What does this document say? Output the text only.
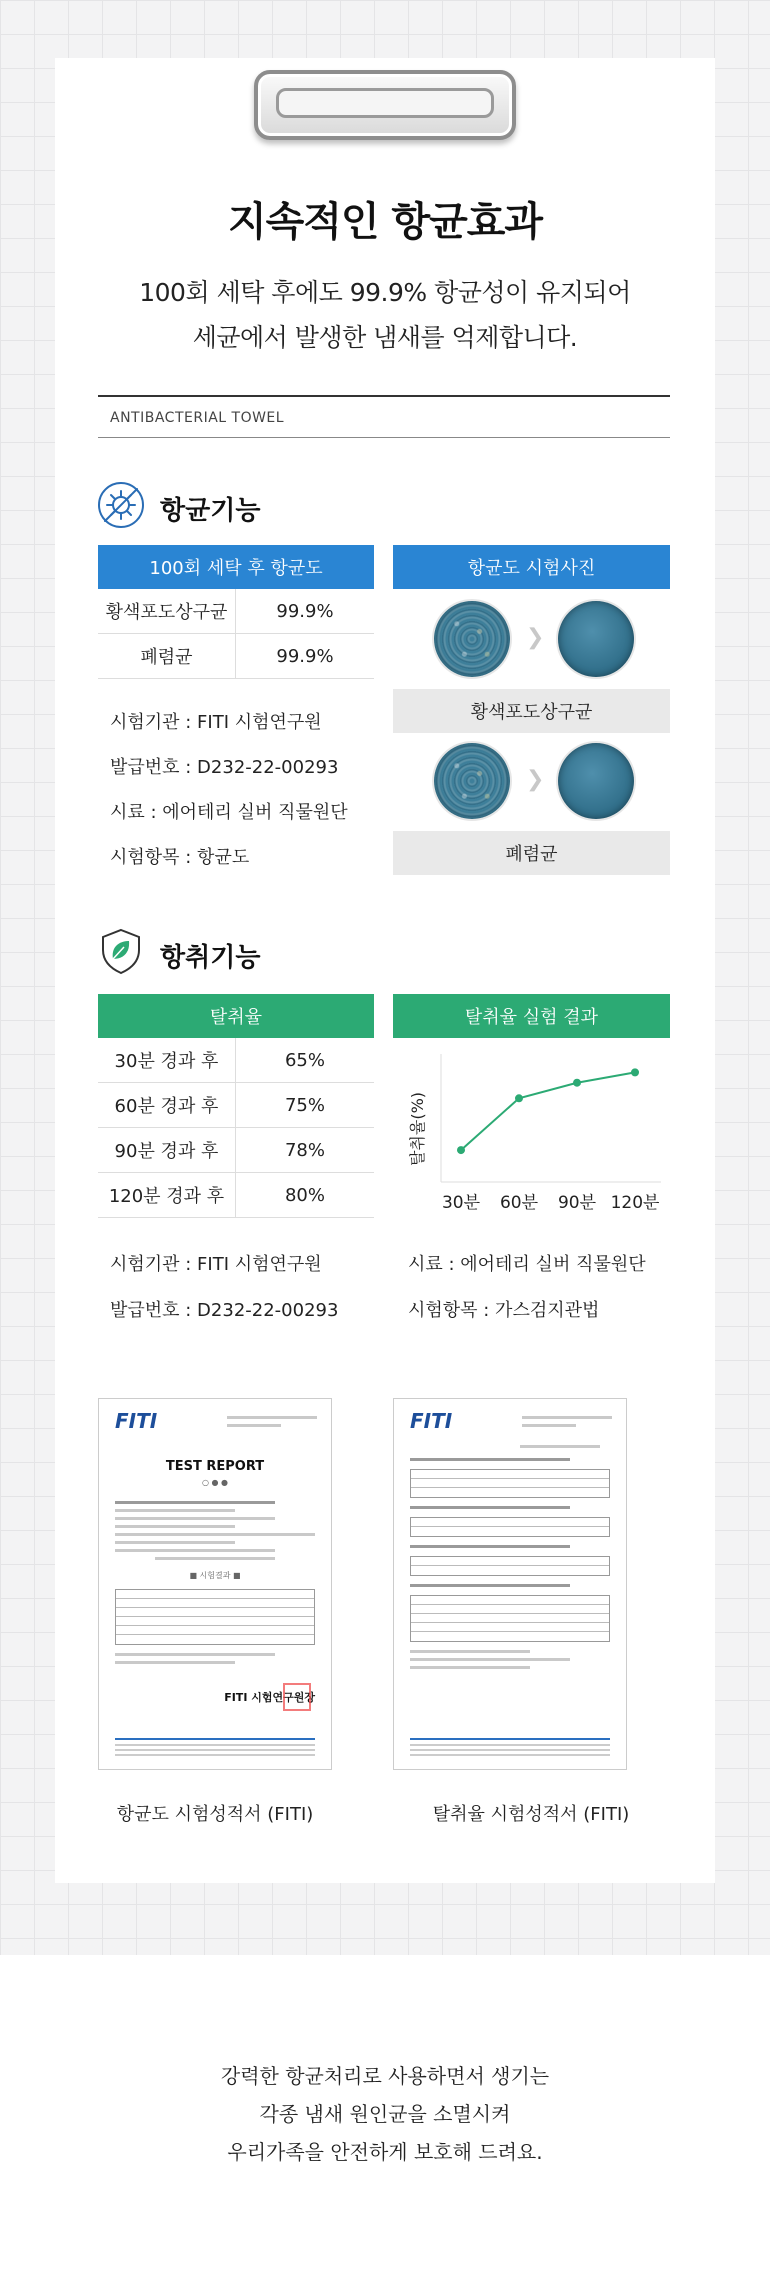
지속적인 항균효과
100회 세탁 후에도 99.9% 항균성이 유지되어
세균에서 발생한 냄새를 억제합니다.
ANTIBACTERIAL TOWEL
항균기능
100회 세탁 후 항균도
황색포도상구균	99.9%
폐렴균	99.9%
시험기관 : FITI 시험연구원
발급번호 : D232-22-00293
시료 : 에어테리 실버 직물원단
시험항목 : 항균도
항균도 시험사진
❯
황색포도상구균
❯
폐렴균
항취기능
탈취율
30분 경과 후	65%
60분 경과 후	75%
90분 경과 후	78%
120분 경과 후	80%
탈취율 실험 결과
30분 60분 90분 120분
탈취율(%)
시험기관 : FITI 시험연구원
발급번호 : D232-22-00293
시료 : 에어테리 실버 직물원단
시험항목 : 가스검지관법
FITI
TEST REPORT
○ ● ●
■ 시험결과 ■
FITI 시험연구원장
FITI
항균도 시험성적서 (FITI)	탈취율 시험성적서 (FITI)
강력한 항균처리로 사용하면서 생기는
각종 냄새 원인균을 소멸시켜
우리가족을 안전하게 보호해 드려요.
